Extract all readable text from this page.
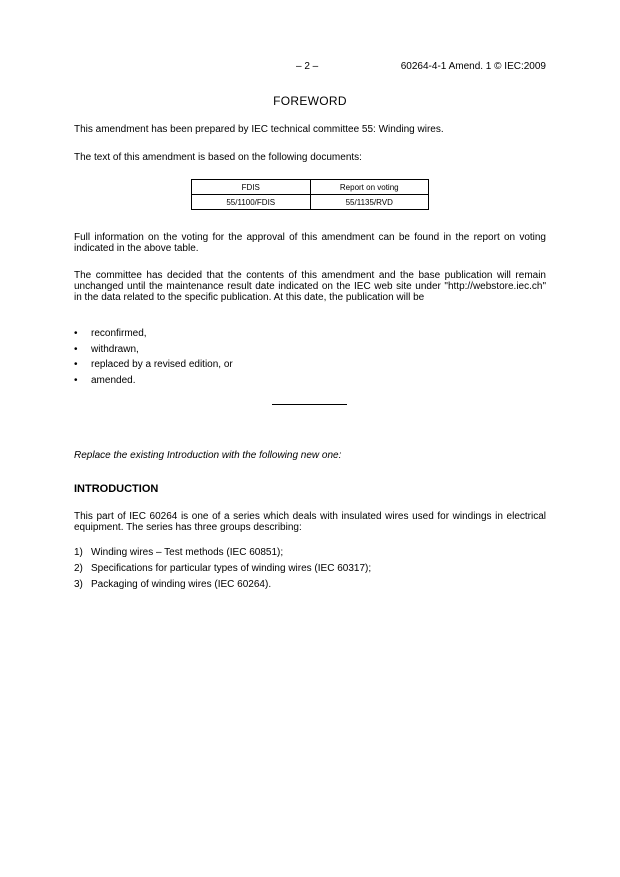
– 2 –	60264-4-1 Amend. 1 © IEC:2009
FOREWORD

This amendment has been prepared by IEC technical committee 55: Winding wires.

The text of this amendment is based on the following documents:

FDIS	Report on voting
55/1100/FDIS	55/1135/RVD

Full information on the voting for the approval of this amendment can be found in the report on voting indicated in the above table.

The committee has decided that the contents of this amendment and the base publication will remain unchanged until the maintenance result date indicated on the IEC web site under "http://webstore.iec.ch" in the data related to the specific publication. At this date, the publication will be

• reconfirmed,
• withdrawn,
• replaced by a revised edition, or
• amended.
Replace the existing Introduction with the following new one:
INTRODUCTION

This part of IEC 60264 is one of a series which deals with insulated wires used for windings in electrical equipment. The series has three groups describing:

1) Winding wires – Test methods (IEC 60851);
2) Specifications for particular types of winding wires (IEC 60317);
3) Packaging of winding wires (IEC 60264).
